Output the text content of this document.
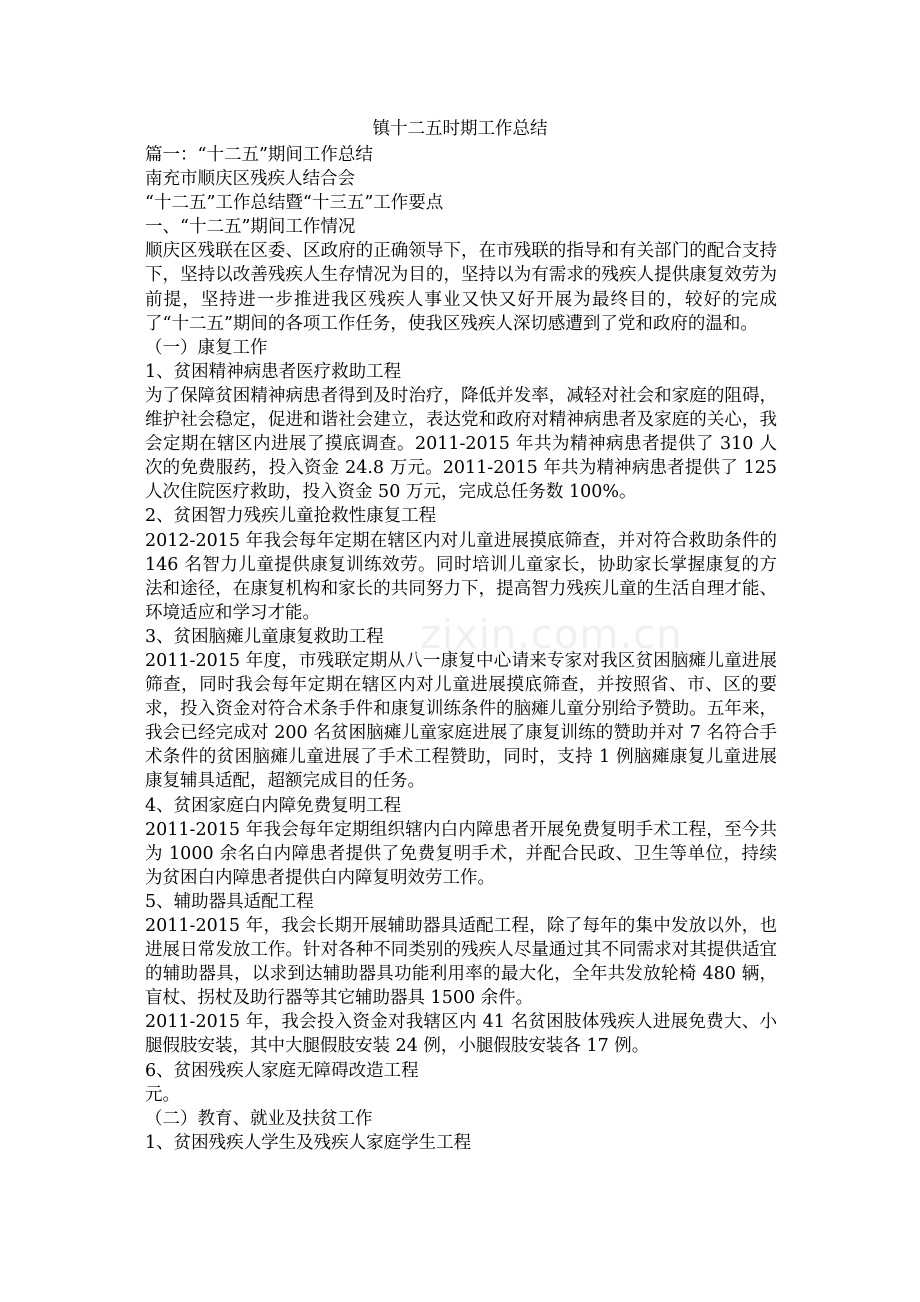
镇十二五时期工作总结
篇一：“十二五”期间工作总结
南充市顺庆区残疾人结合会
“十二五”工作总结暨“十三五”工作要点
一、“十二五”期间工作情况
顺庆区残联在区委、区政府的正确领导下，在市残联的指导和有关部门的配合支持下，坚持以改善残疾人生存情况为目的，坚持以为有需求的残疾人提供康复效劳为前提，坚持进一步推进我区残疾人事业又快又好开展为最终目的，较好的完成了“十二五”期间的各项工作任务，使我区残疾人深切感遭到了党和政府的温和。
（一）康复工作
1、贫困精神病患者医疗救助工程
为了保障贫困精神病患者得到及时治疗，降低并发率，减轻对社会和家庭的阻碍，维护社会稳定，促进和谐社会建立，表达党和政府对精神病患者及家庭的关心，我会定期在辖区内进展了摸底调查。2011-2015 年共为精神病患者提供了 310 人次的免费服药，投入资金 24.8 万元。2011-2015 年共为精神病患者提供了 125 人次住院医疗救助，投入资金 50 万元，完成总任务数 100%。
2、贫困智力残疾儿童抢救性康复工程
2012-2015 年我会每年定期在辖区内对儿童进展摸底筛查，并对符合救助条件的 146 名智力儿童提供康复训练效劳。同时培训儿童家长，协助家长掌握康复的方法和途径，在康复机构和家长的共同努力下，提高智力残疾儿童的生活自理才能、环境适应和学习才能。
3、贫困脑瘫儿童康复救助工程
2011-2015 年度，市残联定期从八一康复中心请来专家对我区贫困脑瘫儿童进展筛查，同时我会每年定期在辖区内对儿童进展摸底筛查，并按照省、市、区的要求，投入资金对符合术条手件和康复训练条件的脑瘫儿童分别给予赞助。五年来，我会已经完成对 200 名贫困脑瘫儿童家庭进展了康复训练的赞助并对 7 名符合手术条件的贫困脑瘫儿童进展了手术工程赞助，同时，支持 1 例脑瘫康复儿童进展康复辅具适配，超额完成目的任务。
4、贫困家庭白内障免费复明工程
2011-2015 年我会每年定期组织辖内白内障患者开展免费复明手术工程，至今共为 1000 余名白内障患者提供了免费复明手术，并配合民政、卫生等单位，持续为贫困白内障患者提供白内障复明效劳工作。
5、辅助器具适配工程
2011-2015 年，我会长期开展辅助器具适配工程，除了每年的集中发放以外，也进展日常发放工作。针对各种不同类别的残疾人尽量通过其不同需求对其提供适宜的辅助器具，以求到达辅助器具功能利用率的最大化，全年共发放轮椅 480 辆，盲杖、拐杖及助行器等其它辅助器具 1500 余件。
2011-2015 年，我会投入资金对我辖区内 41 名贫困肢体残疾人进展免费大、小腿假肢安装，其中大腿假肢安装 24 例，小腿假肢安装各 17 例。
6、贫困残疾人家庭无障碍改造工程
元。
（二）教育、就业及扶贫工作
1、贫困残疾人学生及残疾人家庭学生工程
zixin.com.cn
